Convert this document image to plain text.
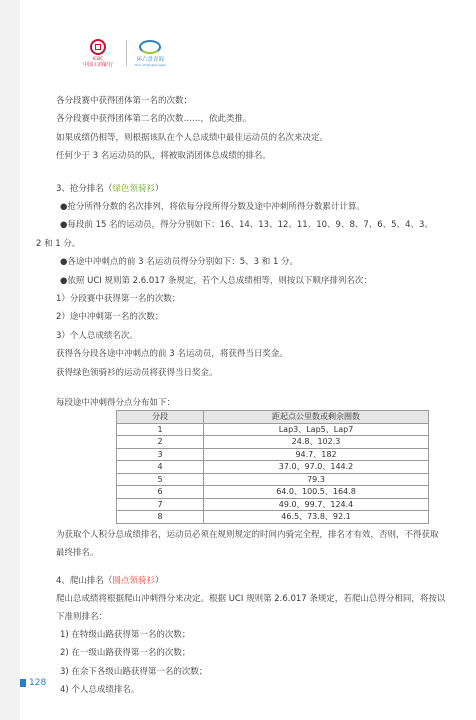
ICBC
中国工商银行
环六盘青海
Tour of Qinghai Lake
各分段赛中获得团体第一名的次数；
各分段赛中获得团体第二名的次数……，依此类推。
如果成绩仍相等，则根据该队在个人总成绩中最佳运动员的名次来决定。
任何少于 3 名运动员的队，将被取消团体总成绩的排名。
3、抢分排名（绿色领骑衫）
●抢分所得分数的名次排列，将依每分段所得分数及途中冲刺所得分数累计计算。
●每段前 15 名的运动员，得分分别如下：16、14、13、12、11、10、9、8、7、6、5、4、3、
2 和 1 分。
●各途中冲刺点的前 3 名运动员得分分别如下：5、3 和 1 分。
●依照 UCI 规则第 2.6.017 条规定，若个人总成绩相等，则按以下顺序排列名次：
1）分段赛中获得第一名的次数；
2）途中冲刺第一名的次数；
3）个人总成绩名次。
获得各分段各途中冲刺点的前 3 名运动员，将获得当日奖金。
获得绿色领骑衫的运动员将获得当日奖金。
每段途中冲刺得分点分布如下：
分段	距起点公里数或剩余圈数
1	Lap3、Lap5、Lap7
2	24.8、102.3
3	94.7、182
4	37.0、97.0、144.2
5	79.3
6	64.0、100.5、164.8
7	49.0、99.7、124.4
8	46.5、73.8、92.1
为获取个人积分总成绩排名，运动员必须在规则规定的时间内骑完全程，排名才有效，否则，不得获取最终排名。
4、爬山排名（圆点领骑衫）
爬山总成绩将根据爬山冲刺得分来决定。根据 UCI 规则第 2.6.017 条规定，若爬山总得分相同，将按以下准则排名：
1) 在特级山路获得第一名的次数；
2) 在一级山路获得第一名的次数；
3) 在余下各级山路获得第一名的次数；
4) 个人总成绩排名。
128
